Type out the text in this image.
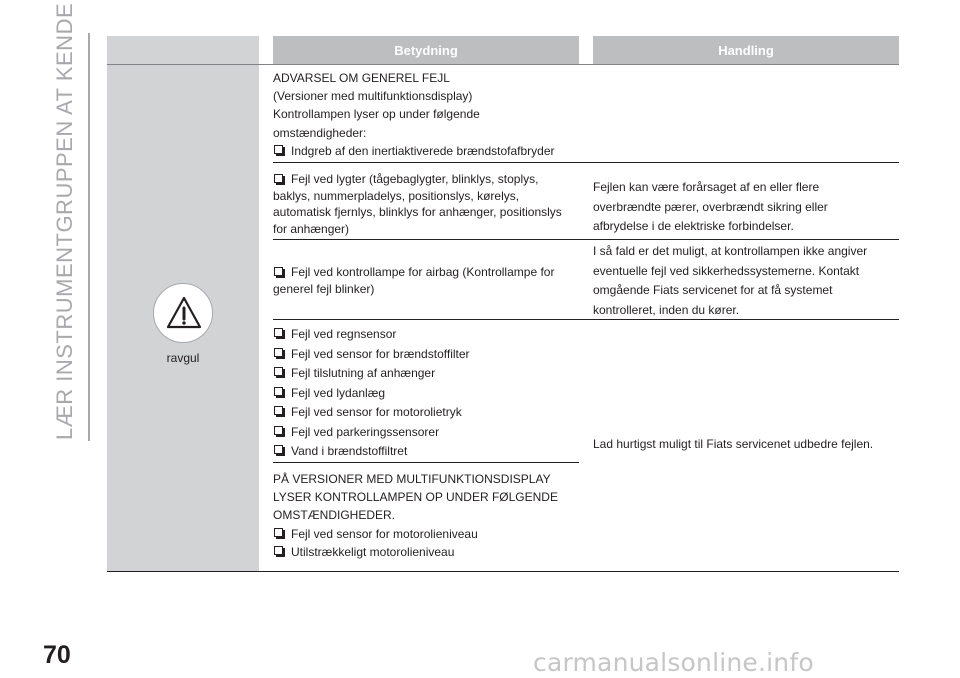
LÆR INSTRUMENTGRUPPEN AT KENDE
70	carmanualsonline.info
Betydning	Handling
ravgul

ADVARSEL OM GENEREL FEJL

(Versioner med multifunktionsdisplay)

Kontrollampen lyser op under følgende

omstændigheder:

Indgreb af den inertiaktiverede brændstofafbryder
Fejl ved lygter (tågebaglygter, blinklys, stoplys,

baklys, nummerpladelys, positionslys, kørelys,

automatisk fjernlys, blinklys for anhænger, positionslys

for anhænger)

Fejlen kan være forårsaget af en eller flere

overbrændte pærer, overbrændt sikring eller

afbrydelse i de elektriske forbindelser.

Fejl ved kontrollampe for airbag (Kontrollampe for

generel fejl blinker)

I så fald er det muligt, at kontrollampen ikke angiver

eventuelle fejl ved sikkerhedssystemerne. Kontakt

omgående Fiats servicenet for at få systemet

kontrolleret, inden du kører.

Fejl ved regnsensor
Fejl ved sensor for brændstoffilter
Fejl tilslutning af anhænger
Fejl ved lydanlæg
Fejl ved sensor for motorolietryk
Fejl ved parkeringssensorer
Vand i brændstoffiltret

PÅ VERSIONER MED MULTIFUNKTIONSDISPLAY

LYSER KONTROLLAMPEN OP UNDER FØLGENDE

OMSTÆNDIGHEDER.

Fejl ved sensor for motorolieniveau
Utilstrækkeligt motorolieniveau

Lad hurtigst muligt til Fiats servicenet udbedre fejlen.
